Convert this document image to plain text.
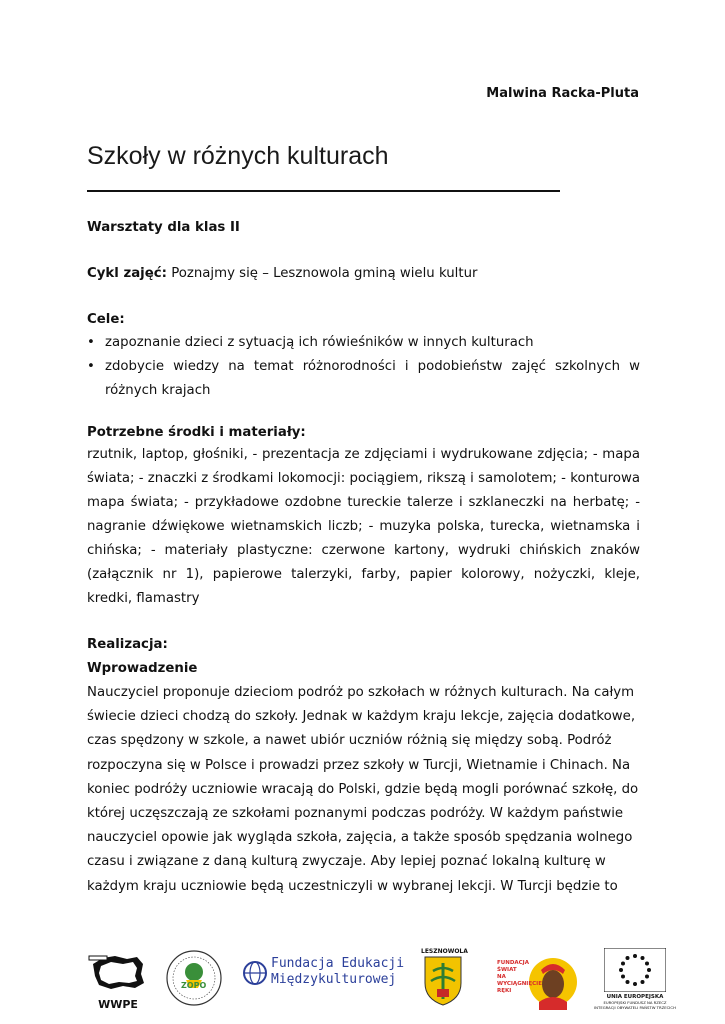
Malwina Racka-Pluta
Szkoły w różnych kulturach

Warsztaty dla klas II

Cykl zajęć: Poznajmy się – Lesznowola gminą wielu kultur

Cele:

• zapoznanie dzieci z sytuacją ich rówieśników w innych kulturach
• zdobycie wiedzy na temat różnorodności i podobieństw zajęć szkolnych w różnych krajach

Potrzebne środki i materiały:

rzutnik, laptop, głośniki, - prezentacja ze zdjęciami i wydrukowane zdjęcia; - mapa świata; - znaczki z środkami lokomocji: pociągiem, rikszą i samolotem; - konturowa mapa świata; - przykładowe ozdobne tureckie talerze i szklaneczki na herbatę; - nagranie dźwiękowe wietnamskich liczb; - muzyka polska, turecka, wietnamska i chińska; - materiały plastyczne: czerwone kartony, wydruki chińskich znaków (załącznik nr 1), papierowe talerzyki, farby, papier kolorowy, nożyczki, kleje, kredki, flamastry

Realizacja:

Wprowadzenie

Nauczyciel proponuje dzieciom podróż po szkołach w różnych kulturach. Na całym świecie dzieci chodzą do szkoły. Jednak w każdym kraju lekcje, zajęcia dodatkowe, czas spędzony w szkole, a nawet ubiór uczniów różnią się między sobą. Podróż rozpoczyna się w Polsce i prowadzi przez szkoły w Turcji, Wietnamie i Chinach. Na koniec podróży uczniowie wracają do Polski, gdzie będą mogli porównać szkołę, do której uczęszczają ze szkołami poznanymi podczas podróży. W każdym państwie nauczyciel opowie jak wygląda szkoła, zajęcia, a także sposób spędzania wolnego czasu i związane z daną kulturą zwyczaje. Aby lepiej poznać lokalną kulturę w każdym kraju uczniowie będą uczestniczyli w wybranej lekcji. W Turcji będzie to

WWPE
ZOPO
Fundacja Edukacji
Międzykulturowej
LESZNOWOLA
FUNDACJA
ŚWIAT
NA
WYCIĄGNIĘCIE
RĘKI
UNIA EUROPEJSKA
EUROPEJSKI FUNDUSZ NA RZECZ
INTEGRACJI OBYWATELI PAŃSTW TRZECICH
